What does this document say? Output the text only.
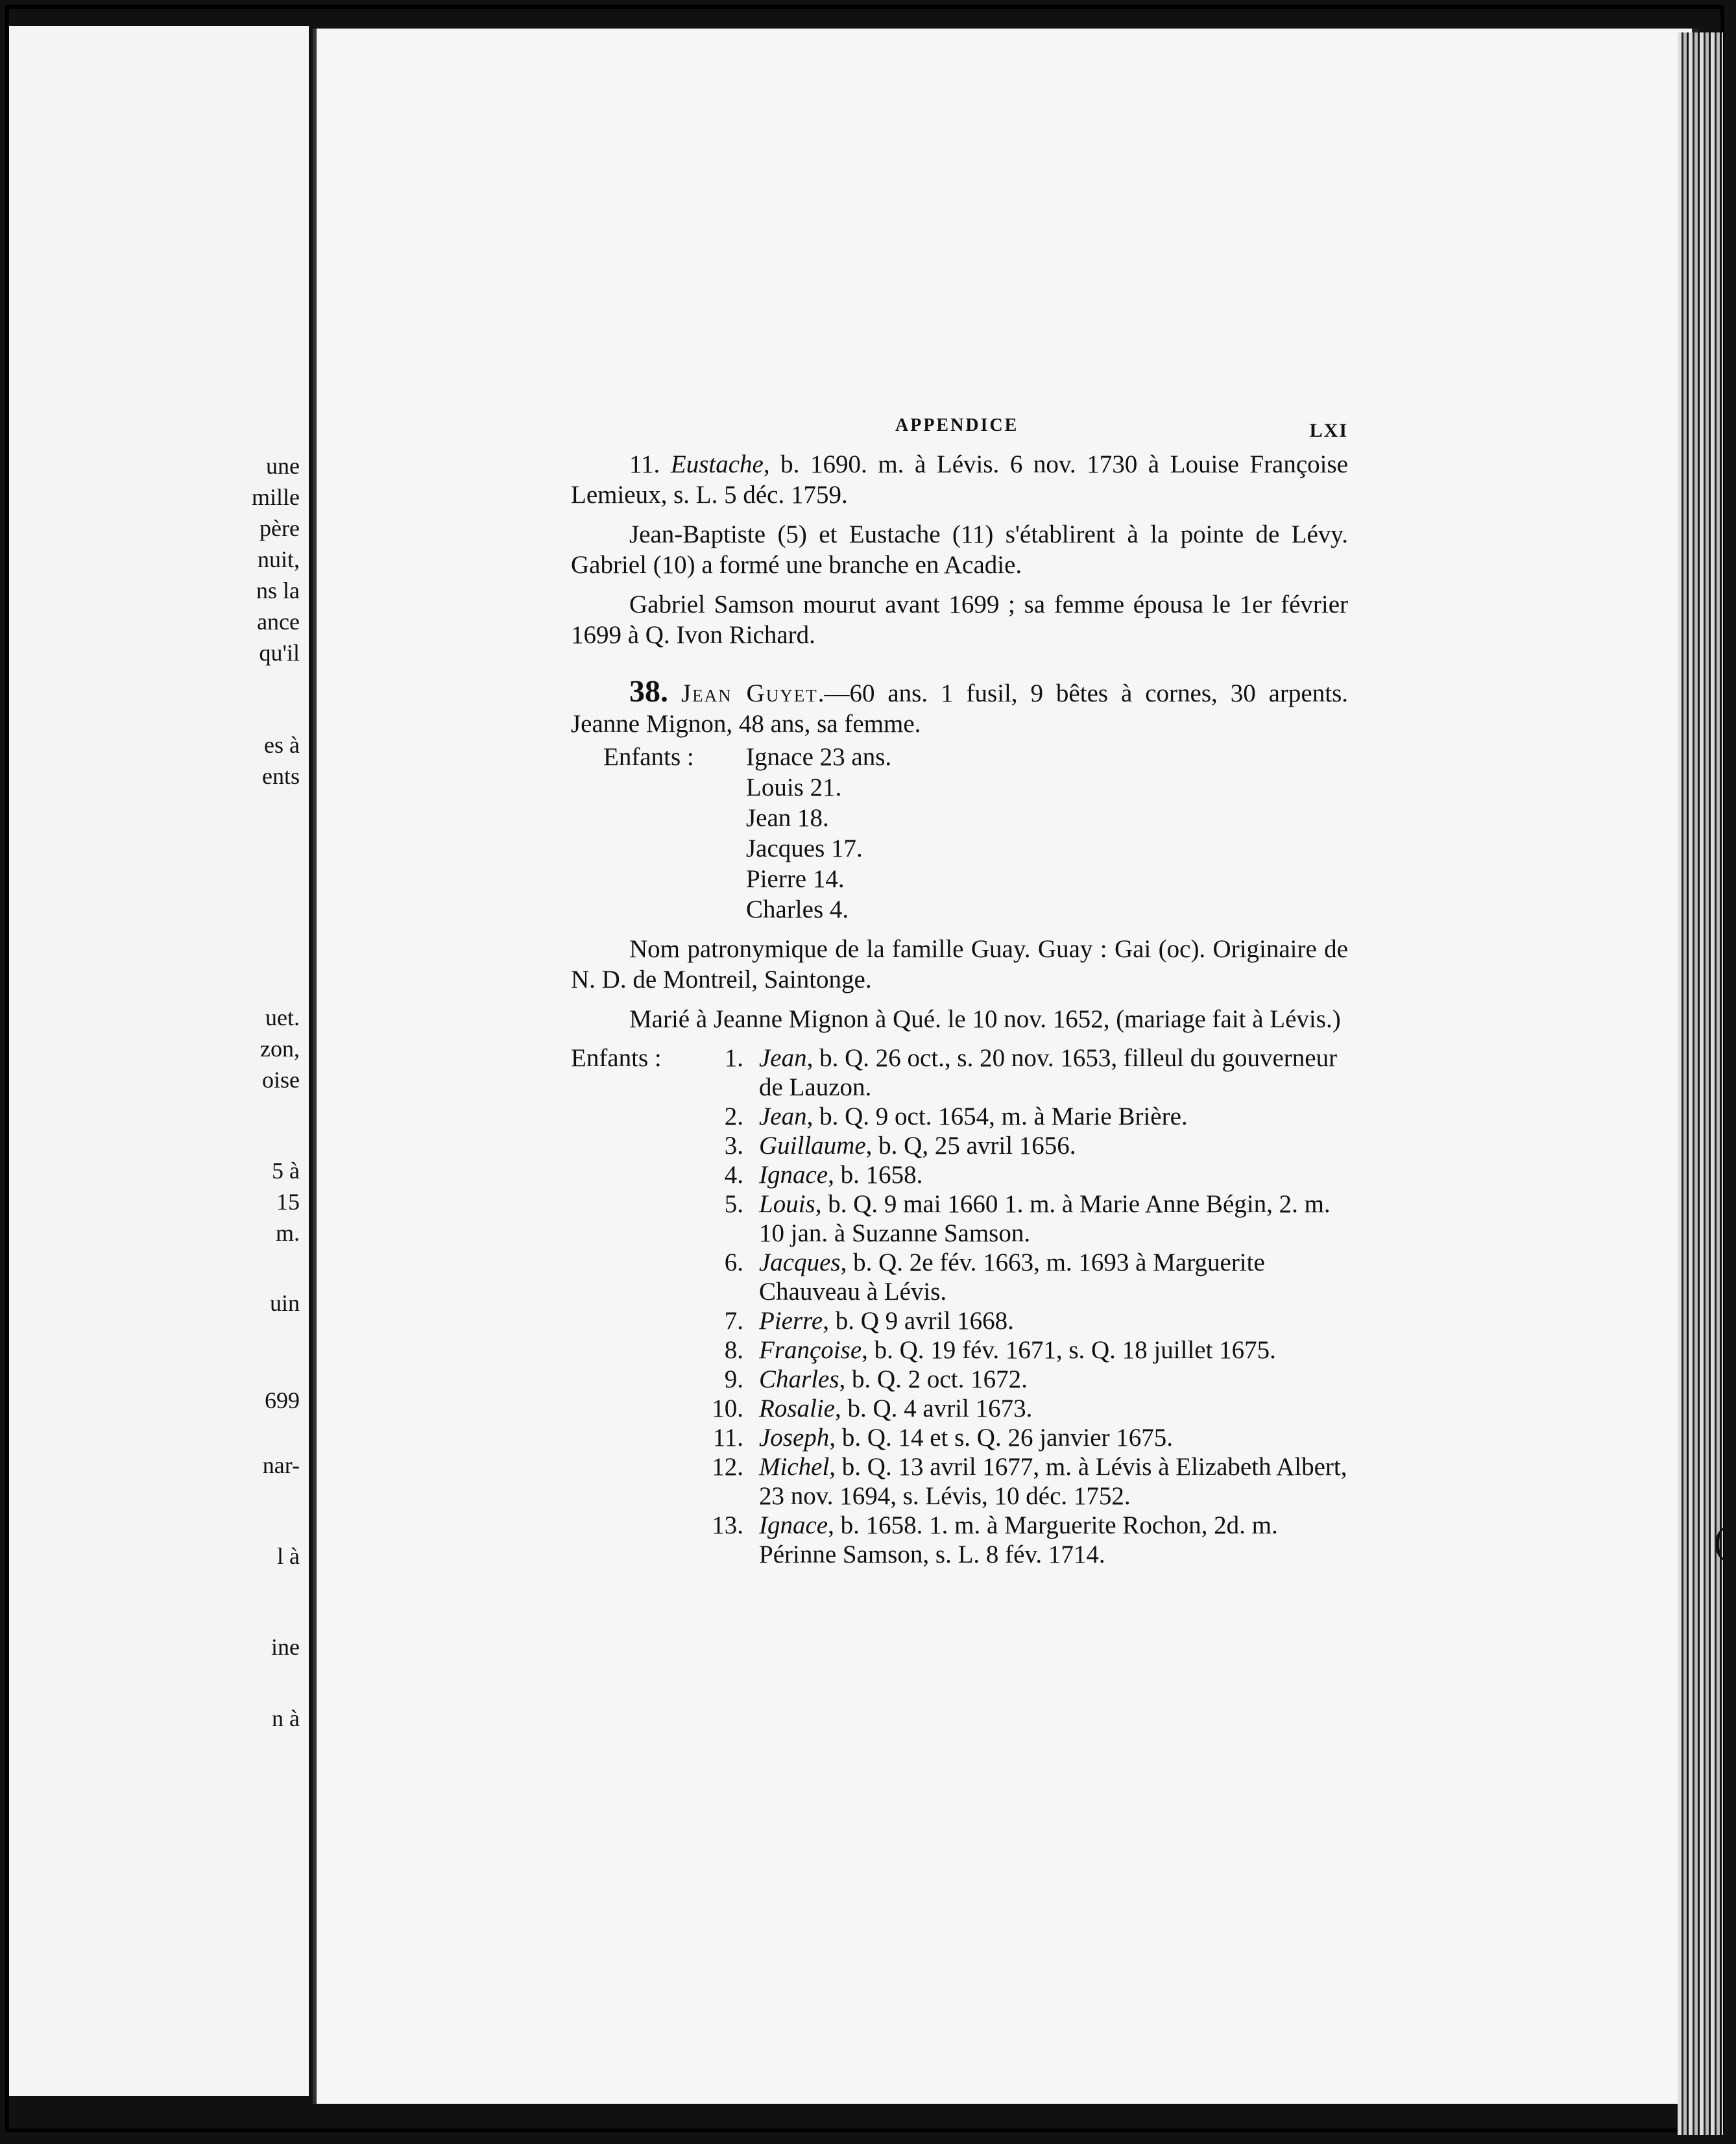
une
mille
père
nuit,
ns la
ance
qu'il
es à
ents
uet.
zon,
oise
5 à
15
m.
uin
699
nar-
l à
ine
n à
(
APPENDICE	LXI

11. Eustache, b. 1690. m. à Lévis. 6 nov. 1730 à Louise Françoise Lemieux, s. L. 5 déc. 1759.

Jean-Baptiste (5) et Eustache (11) s'établirent à la pointe de Lévy. Gabriel (10) a formé une branche en Acadie.

Gabriel Samson mourut avant 1699 ; sa femme épousa le 1er février 1699 à Q. Ivon Richard.

38. Jean Guyet.—60 ans. 1 fusil, 9 bêtes à cornes, 30 arpents. Jeanne Mignon, 48 ans, sa femme.

Enfants :	Ignace 23 ans.
Louis 21.
Jean 18.
Jacques 17.
Pierre 14.
Charles 4.

Nom patronymique de la famille Guay. Guay : Gai (oc). Originaire de N. D. de Montreil, Saintonge.

Marié à Jeanne Mignon à Qué. le 10 nov. 1652, (mariage fait à Lévis.)

Enfants : 1. Jean, b. Q. 26 oct., s. 20 nov. 1653, filleul du gouverneur de Lauzon.
2. Jean, b. Q. 9 oct. 1654, m. à Marie Brière.
3. Guillaume, b. Q, 25 avril 1656.
4. Ignace, b. 1658.
5. Louis, b. Q. 9 mai 1660 1. m. à Marie Anne Bégin, 2. m. 10 jan. à Suzanne Samson.
6. Jacques, b. Q. 2e fév. 1663, m. 1693 à Marguerite Chauveau à Lévis.
7. Pierre, b. Q 9 avril 1668.
8. Françoise, b. Q. 19 fév. 1671, s. Q. 18 juillet 1675.
9. Charles, b. Q. 2 oct. 1672.
10. Rosalie, b. Q. 4 avril 1673.
11. Joseph, b. Q. 14 et s. Q. 26 janvier 1675.
12. Michel, b. Q. 13 avril 1677, m. à Lévis à Elizabeth Albert, 23 nov. 1694, s. Lévis, 10 déc. 1752.
13. Ignace, b. 1658. 1. m. à Marguerite Rochon, 2d. m. Périnne Samson, s. L. 8 fév. 1714.
